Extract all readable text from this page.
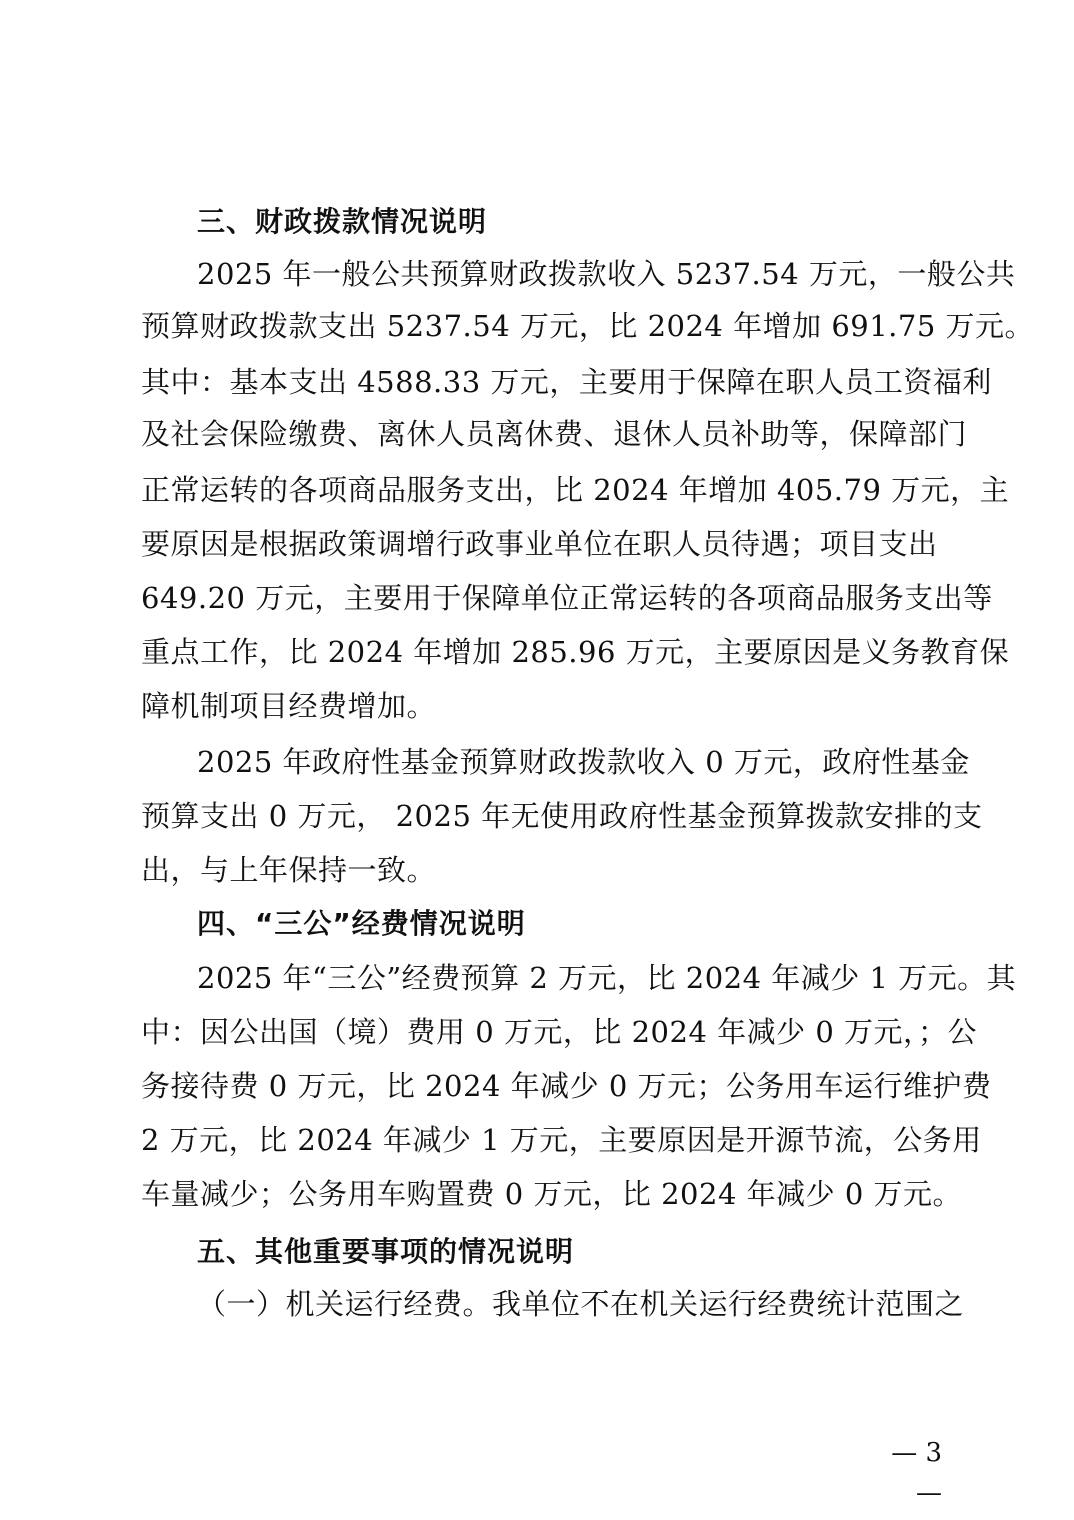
三、财政拨款情况说明
2025 年一般公共预算财政拨款收入 5237.54 万元，一般公共
预算财政拨款支出 5237.54 万元，比 2024 年增加 691.75 万元。
其中：基本支出 4588.33 万元，主要用于保障在职人员工资福利
及社会保险缴费、离休人员离休费、退休人员补助等，保障部门
正常运转的各项商品服务支出，比 2024 年增加 405.79 万元，主
要原因是根据政策调增行政事业单位在职人员待遇；项目支出
649.20 万元，主要用于保障单位正常运转的各项商品服务支出等
重点工作，比 2024 年增加 285.96 万元，主要原因是义务教育保
障机制项目经费增加。
2025 年政府性基金预算财政拨款收入 0 万元，政府性基金
预算支出 0 万元， 2025 年无使用政府性基金预算拨款安排的支
出，与上年保持一致。
四、“三公”经费情况说明
2025 年“三公”经费预算 2 万元，比 2024 年减少 1 万元。其
中：因公出国（境）费用 0 万元，比 2024 年减少 0 万元，；公
务接待费 0 万元，比 2024 年减少 0 万元；公务用车运行维护费
2 万元，比 2024 年减少 1 万元，主要原因是开源节流，公务用
车量减少；公务用车购置费 0 万元，比 2024 年减少 0 万元。
五、其他重要事项的情况说明
（一）机关运行经费。我单位不在机关运行经费统计范围之
— 3 —
